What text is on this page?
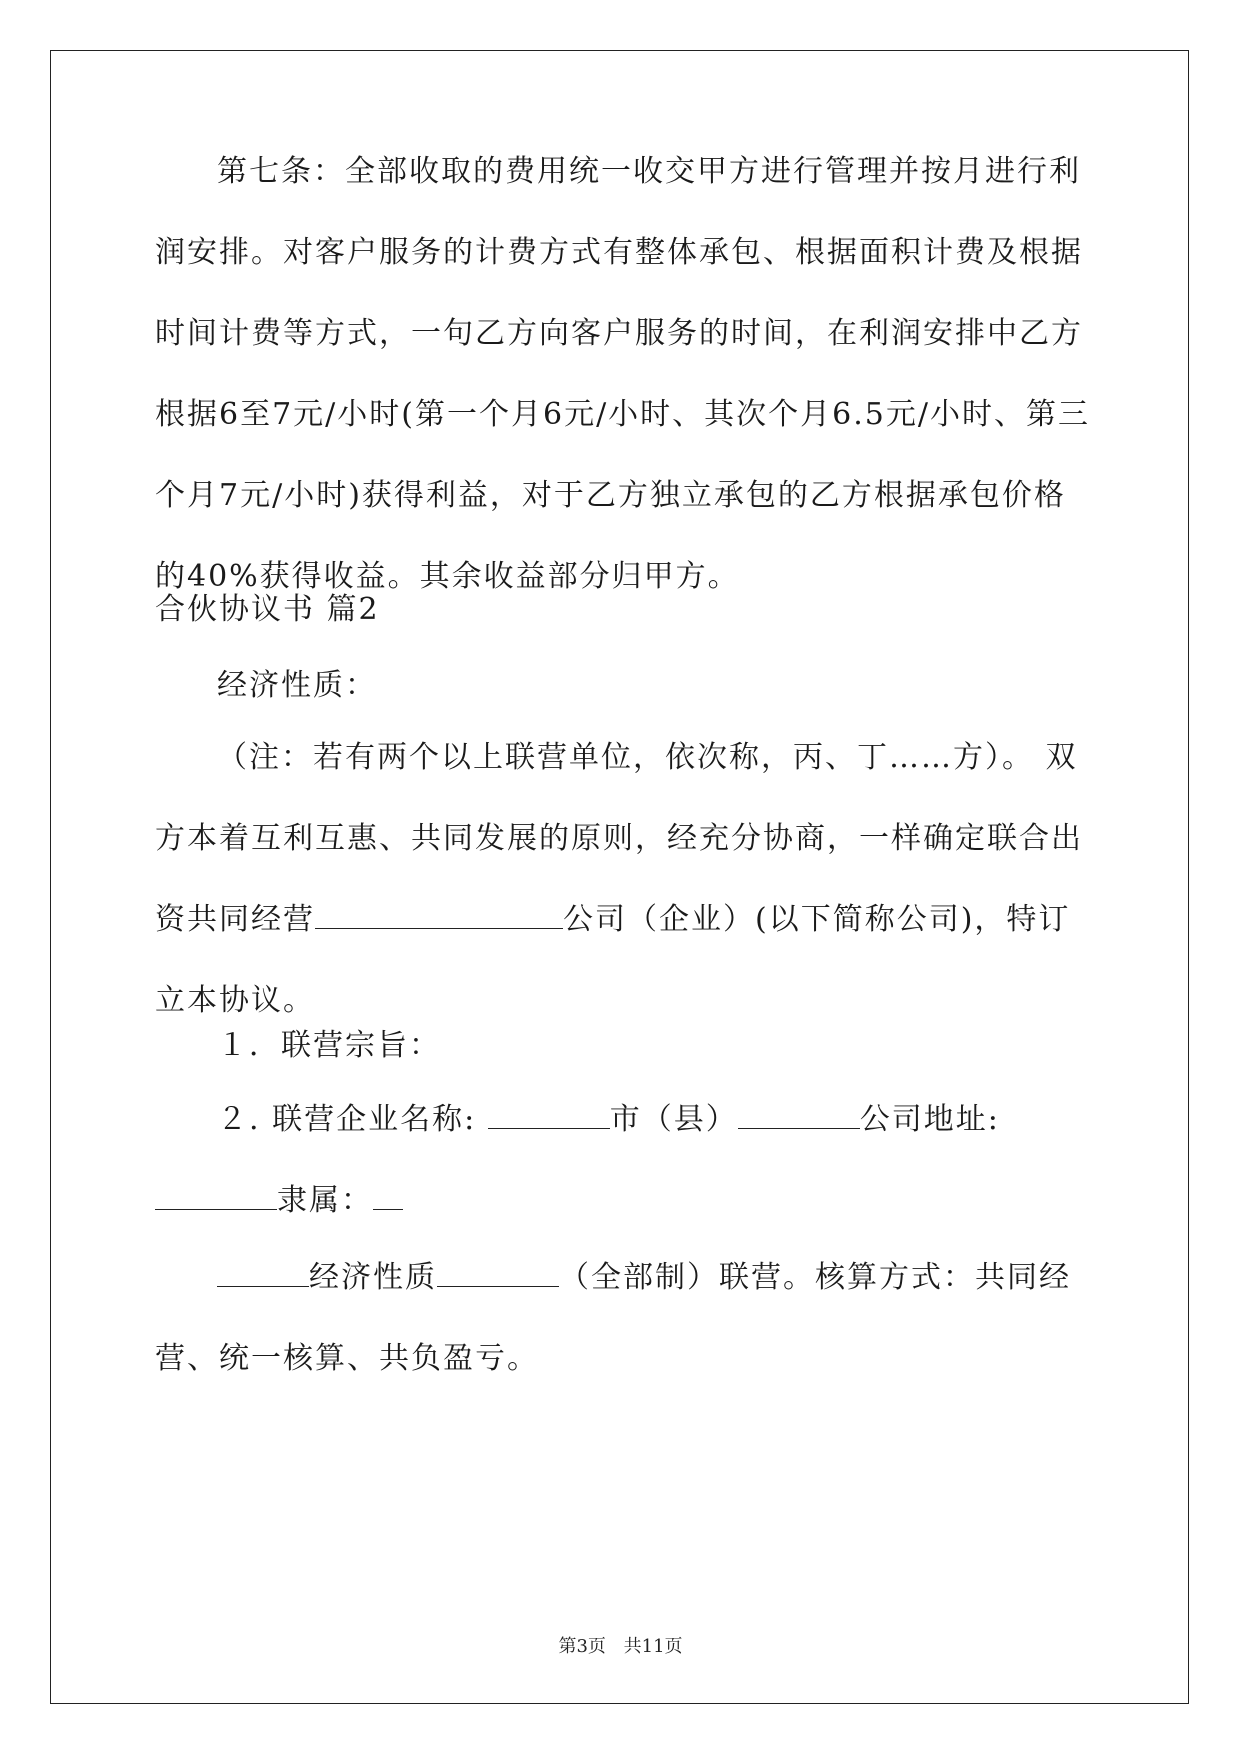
第七条：全部收取的费用统一收交甲方进行管理并按月进行利润安排。对客户服务的计费方式有整体承包、根据面积计费及根据时间计费等方式，一句乙方向客户服务的时间，在利润安排中乙方根据6至7元/小时(第一个月6元/小时、其次个月6.5元/小时、第三个月7元/小时)获得利益，对于乙方独立承包的乙方根据承包价格的40%获得收益。其余收益部分归甲方。

合伙协议书 篇2

经济性质：

（注：若有两个以上联营单位，依次称，丙、丁……方）。 双方本着互利互惠、共同发展的原则，经充分协商，一样确定联合出资共同经营	公司（企业）(以下简称公司)，特订立本协议。

１．联营宗旨：

２. 联营企业名称:	市（县）	公司地址: 隶属：

经济性质	（全部制）联营。核算方式：共同经营、统一核算、共负盈亏。

第3页 共11页
